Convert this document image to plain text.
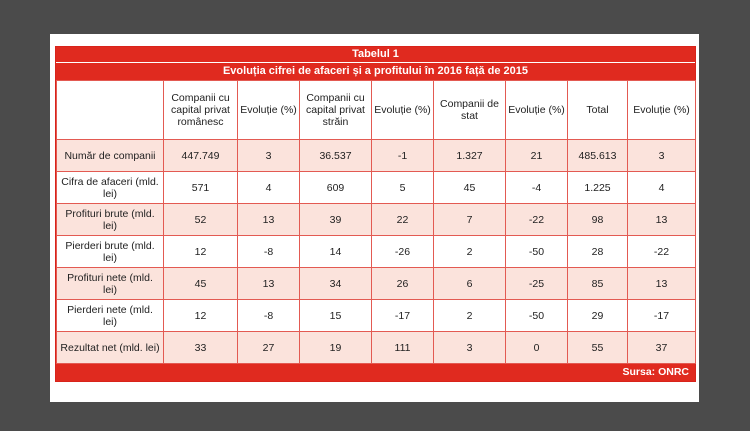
Tabelul 1
Evoluția cifrei de afaceri și a profitului în 2016 față de 2015
	Companii cu capital privat românesc	Evoluție (%)	Companii cu capital privat străin	Evoluție (%)	Companii de stat	Evoluție (%)	Total	Evoluție (%)
Număr de companii	447.749	3	36.537	-1	1.327	21	485.613	3
Cifra de afaceri (mld. lei)	571	4	609	5	45	-4	1.225	4
Profituri brute (mld. lei)	52	13	39	22	7	-22	98	13
Pierderi brute (mld. lei)	12	-8	14	-26	2	-50	28	-22
Profituri nete (mld. lei)	45	13	34	26	6	-25	85	13
Pierderi nete (mld. lei)	12	-8	15	-17	2	-50	29	-17
Rezultat net (mld. lei)	33	27	19	111	3	0	55	37
Sursa: ONRC
